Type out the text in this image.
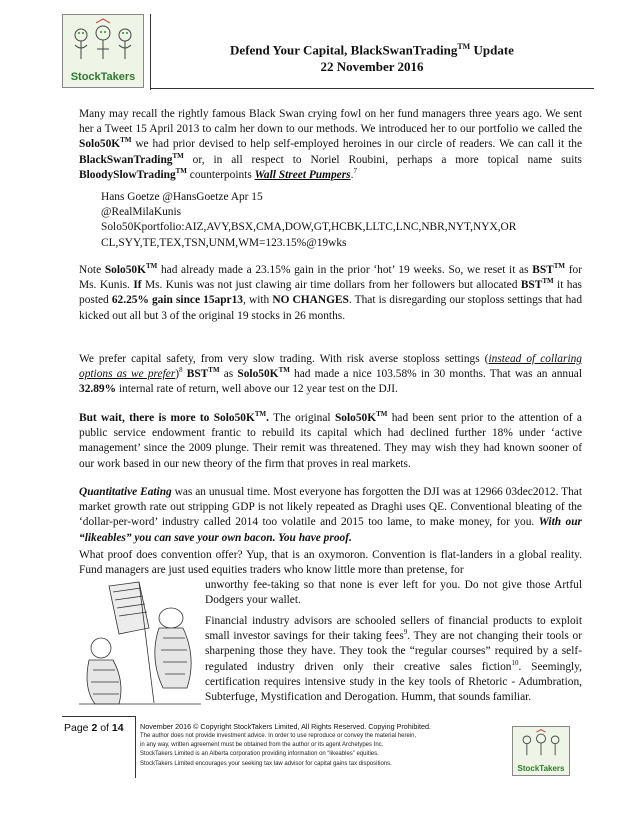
StockTakers
Defend Your Capital, BlackSwanTrading™ Update
22 November 2016
Many may recall the rightly famous Black Swan crying fowl on her fund managers three years ago. We sent her a Tweet 15 April 2013 to calm her down to our methods. We introduced her to our portfolio we called the Solo50K™ we had prior devised to help self-employed heroines in our circle of readers. We can call it the BlackSwanTrading™ or, in all respect to Noriel Roubini, perhaps a more topical name suits BloodySlowTrading™ counterpoints Wall Street Pumpers.$^7$
Hans Goetze @HansGoetze Apr 15
@RealMilaKunis
Solo50Kportfolio:AIZ,AVY,BSX,CMA,DOW,GT,HCBK,LLTC,LNC,NBR,NYT,NYX,OR
CL,SYY,TE,TEX,TSN,UNM,WM=123.15%@19wks
Note Solo50K™ had already made a 23.15% gain in the prior ‘hot’ 19 weeks. So, we reset it as BST™ for Ms. Kunis. If Ms. Kunis was not just clawing air time dollars from her followers but allocated BST™ it has posted 62.25% gain since 15apr13, with NO CHANGES. That is disregarding our stoploss settings that had kicked out all but 3 of the original 19 stocks in 26 months.
We prefer capital safety, from very slow trading. With risk averse stoploss settings (instead of collaring options as we prefer)$^8$ BST™ as Solo50K™ had made a nice 103.58% in 30 months. That was an annual 32.89% internal rate of return, well above our 12 year test on the DJI.
But wait, there is more to Solo50K™. The original Solo50K™ had been sent prior to the attention of a public service endowment frantic to rebuild its capital which had declined further 18% under ‘active management’ since the 2009 plunge. Their remit was threatened. They may wish they had known sooner of our work based in our new theory of the firm that proves in real markets.
Quantitative Eating was an unusual time. Most everyone has forgotten the DJI was at 12966 03dec2012. That market growth rate out stripping GDP is not likely repeated as Draghi uses QE. Conventional bleating of the ‘dollar-per-word’ industry called 2014 too volatile and 2015 too lame, to make money, for you. With our “likeables” you can save your own bacon. You have proof.
What proof does convention offer? Yup, that is an oxymoron. Convention is flat-landers in a global reality. Fund managers are just used equities traders who know little more than pretense, for
unworthy fee-taking so that none is ever left for you. Do not give those Artful Dodgers your wallet.
Financial industry advisors are schooled sellers of financial products to exploit small investor savings for their taking fees$^9$. They are not changing their tools or sharpening those they have. They took the “regular courses” required by a self-regulated industry driven only their creative sales fiction$^{10}$. Seemingly, certification requires intensive study in the key tools of Rhetoric - Adumbration, Subterfuge, Mystification and Derogation. Humm, that sounds familiar.
Page 2 of 14 November 2016 © Copyright StockTakers Limited, All Rights Reserved. Copying Prohibited.
The author does not provide investment advice. In order to use reproduce or convey the material herein,
in any way, written agreement must be obtained from the author or its agent Archetypes Inc.
StockTakers Limited is an Alberta corporation providing information on “likeables” equities.
StockTakers Limited encourages your seeking tax law advisor for capital gains tax dispositions.
StockTakers
